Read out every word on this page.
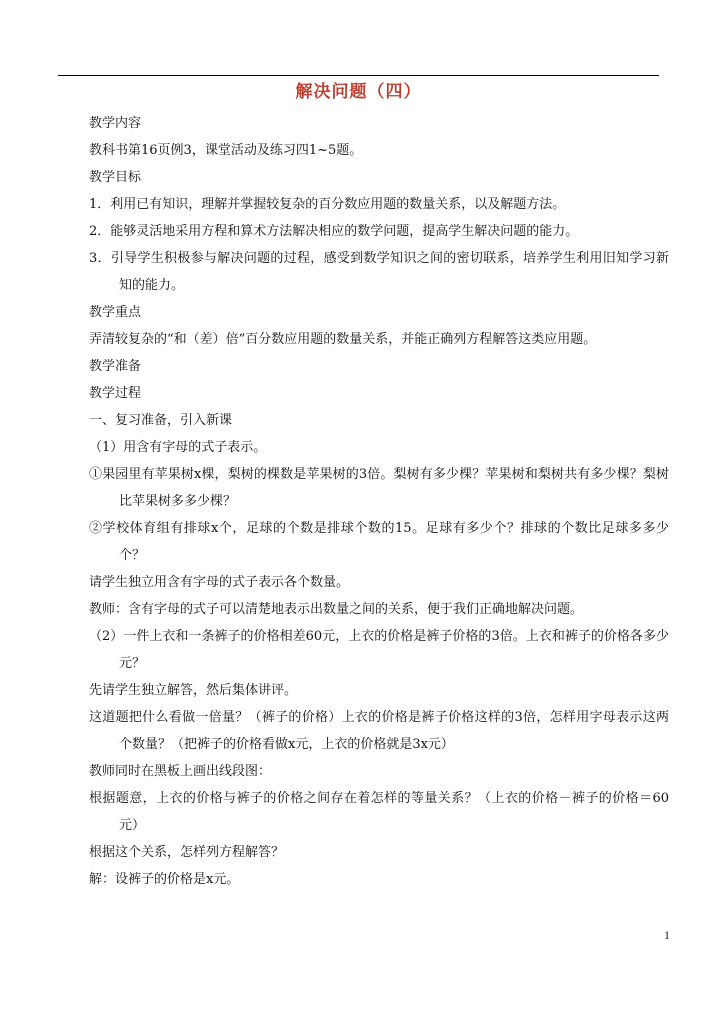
解决问题（四）

教学内容

教科书第16页例3，课堂活动及练习四1~5题。

教学目标

1．利用已有知识，理解并掌握较复杂的百分数应用题的数量关系，以及解题方法。

2．能够灵活地采用方程和算术方法解决相应的数学问题，提高学生解决问题的能力。

3．引导学生积极参与解决问题的过程，感受到数学知识之间的密切联系，培养学生利用旧知学习新知的能力。

教学重点

弄清较复杂的“和（差）倍”百分数应用题的数量关系，并能正确列方程解答这类应用题。

教学准备

教学过程

一、复习准备，引入新课

（1）用含有字母的式子表示。

①果园里有苹果树x棵，梨树的棵数是苹果树的3倍。梨树有多少棵？苹果树和梨树共有多少棵？梨树比苹果树多多少棵？

②学校体育组有排球x个，足球的个数是排球个数的15。足球有多少个？排球的个数比足球多多少个？

请学生独立用含有字母的式子表示各个数量。

教师：含有字母的式子可以清楚地表示出数量之间的关系，便于我们正确地解决问题。

（2）一件上衣和一条裤子的价格相差60元，上衣的价格是裤子价格的3倍。上衣和裤子的价格各多少元？

先请学生独立解答，然后集体讲评。

这道题把什么看做一倍量？（裤子的价格）上衣的价格是裤子价格这样的3倍，怎样用字母表示这两个数量？（把裤子的价格看做x元，上衣的价格就是3x元）

教师同时在黑板上画出线段图：

根据题意，上衣的价格与裤子的价格之间存在着怎样的等量关系？（上衣的价格－裤子的价格＝60元）

根据这个关系，怎样列方程解答？

解：设裤子的价格是x元。

1
